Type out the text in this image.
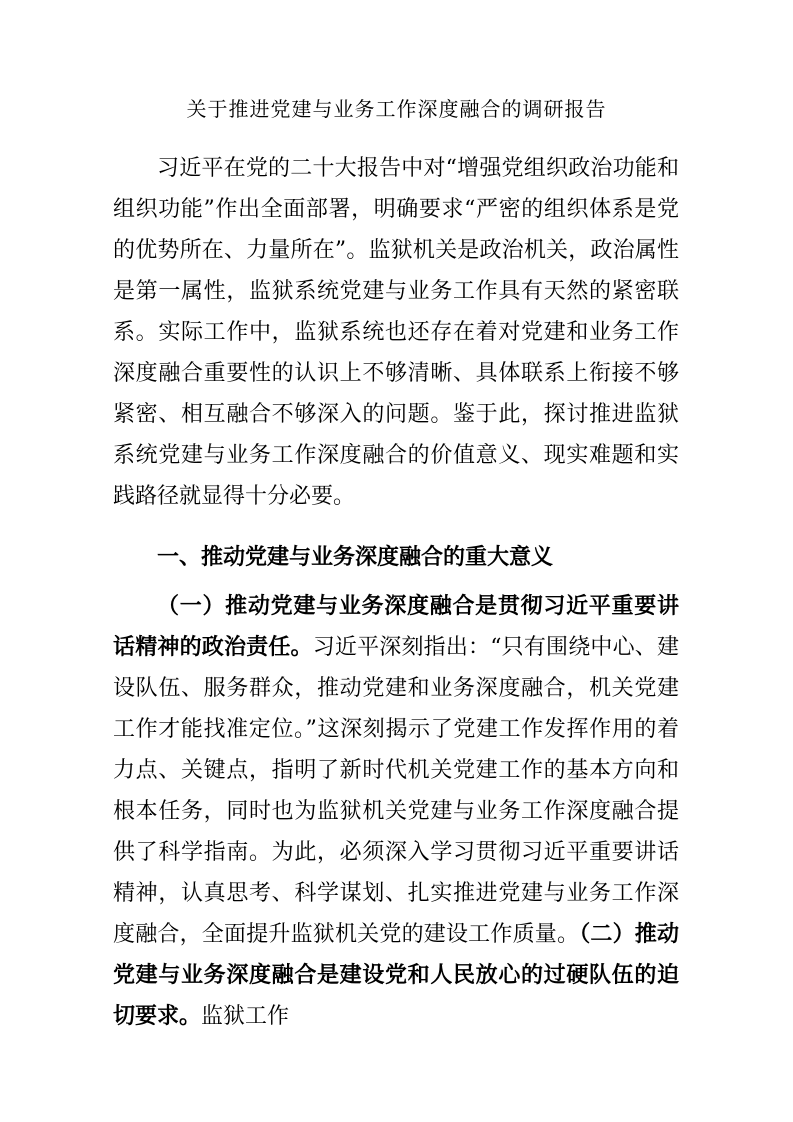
关于推进党建与业务工作深度融合的调研报告

习近平在党的二十大报告中对“增强党组织政治功能和组织功能”作出全面部署，明确要求“严密的组织体系是党的优势所在、力量所在”。监狱机关是政治机关，政治属性是第一属性，监狱系统党建与业务工作具有天然的紧密联系。实际工作中，监狱系统也还存在着对党建和业务工作深度融合重要性的认识上不够清晰、具体联系上衔接不够紧密、相互融合不够深入的问题。鉴于此，探讨推进监狱系统党建与业务工作深度融合的价值意义、现实难题和实践路径就显得十分必要。

一、推动党建与业务深度融合的重大意义

（一）推动党建与业务深度融合是贯彻习近平重要讲话精神的政治责任。习近平深刻指出：“只有围绕中心、建设队伍、服务群众，推动党建和业务深度融合，机关党建工作才能找准定位。”这深刻揭示了党建工作发挥作用的着力点、关键点，指明了新时代机关党建工作的基本方向和根本任务，同时也为监狱机关党建与业务工作深度融合提供了科学指南。为此，必须深入学习贯彻习近平重要讲话精神，认真思考、科学谋划、扎实推进党建与业务工作深度融合，全面提升监狱机关党的建设工作质量。（二）推动党建与业务深度融合是建设党和人民放心的过硬队伍的迫切要求。监狱工作
